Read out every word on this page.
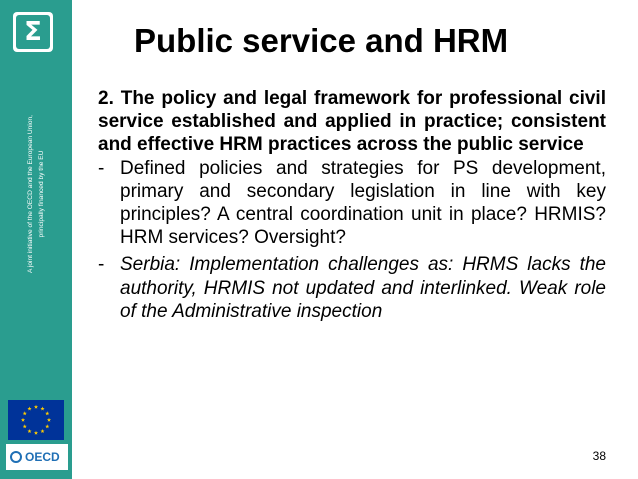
Σ
A joint initiative of the OECD and the European Union, principally financed by the EU
OECD
Public service and HRM

2. The policy and legal framework for professional civil service established and applied in practice; consistent and effective HRM practices across the public service

- Defined policies and strategies for PS development, primary and secondary legislation in line with key principles? A central coordination unit in place? HRMIS? HRM services? Oversight?
- Serbia: Implementation challenges as: HRMS lacks the authority, HRMIS not updated and interlinked. Weak role of the Administrative inspection
38
